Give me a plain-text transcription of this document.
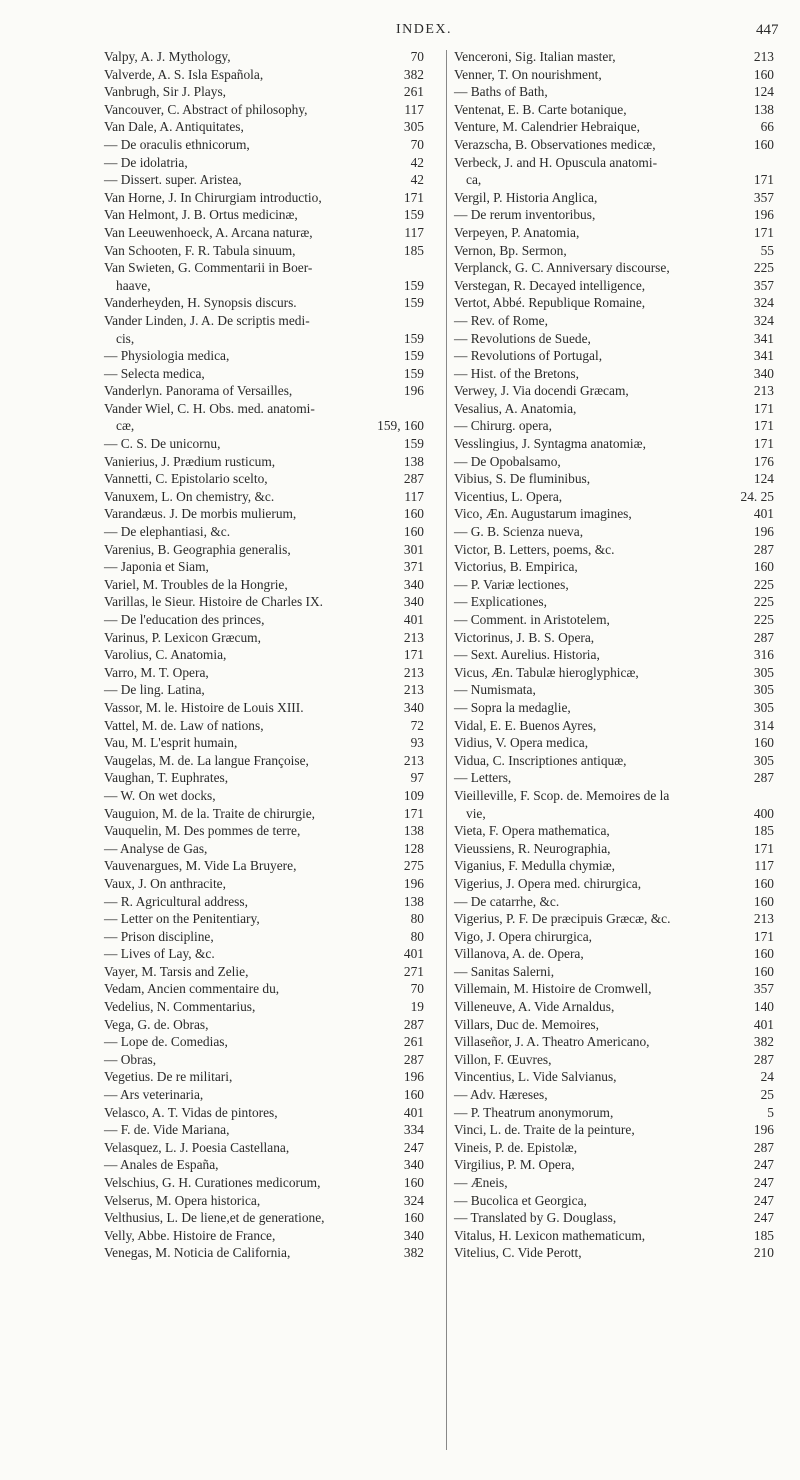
INDEX.	447
Valpy, A. J. Mythology,	70
Valverde, A. S. Isla Española,	382
Vanbrugh, Sir J. Plays,	261
Vancouver, C. Abstract of philosophy,	117
Van Dale, A. Antiquitates,	305
— De oraculis ethnicorum,	70
— De idolatria,	42
— Dissert. super. Aristea,	42
Van Horne, J. In Chirurgiam introductio,	171
Van Helmont, J. B. Ortus medicinæ,	159
Van Leeuwenhoeck, A. Arcana naturæ,	117
Van Schooten, F. R. Tabula sinuum,	185
Van Swieten, G. Commentarii in Boer-
haave,	159
Vanderheyden, H. Synopsis discurs.	159
Vander Linden, J. A. De scriptis medi-
cis,	159
— Physiologia medica,	159
— Selecta medica,	159
Vanderlyn. Panorama of Versailles,	196
Vander Wiel, C. H. Obs. med. anatomi-
cæ,	159, 160
— C. S. De unicornu,	159
Vanierius, J. Prædium rusticum,	138
Vannetti, C. Epistolario scelto,	287
Vanuxem, L. On chemistry, &c.	117
Varandæus. J. De morbis mulierum,	160
— De elephantiasi, &c.	160
Varenius, B. Geographia generalis,	301
— Japonia et Siam,	371
Variel, M. Troubles de la Hongrie,	340
Varillas, le Sieur. Histoire de Charles IX.	340
— De l'education des princes,	401
Varinus, P. Lexicon Græcum,	213
Varolius, C. Anatomia,	171
Varro, M. T. Opera,	213
— De ling. Latina,	213
Vassor, M. le. Histoire de Louis XIII.	340
Vattel, M. de. Law of nations,	72
Vau, M. L'esprit humain,	93
Vaugelas, M. de. La langue Françoise,	213
Vaughan, T. Euphrates,	97
— W. On wet docks,	109
Vauguion, M. de la. Traite de chirurgie,	171
Vauquelin, M. Des pommes de terre,	138
— Analyse de Gas,	128
Vauvenargues, M. Vide La Bruyere,	275
Vaux, J. On anthracite,	196
— R. Agricultural address,	138
— Letter on the Penitentiary,	80
— Prison discipline,	80
— Lives of Lay, &c.	401
Vayer, M. Tarsis and Zelie,	271
Vedam, Ancien commentaire du,	70
Vedelius, N. Commentarius,	19
Vega, G. de. Obras,	287
— Lope de. Comedias,	261
— Obras,	287
Vegetius. De re militari,	196
— Ars veterinaria,	160
Velasco, A. T. Vidas de pintores,	401
— F. de. Vide Mariana,	334
Velasquez, L. J. Poesia Castellana,	247
— Anales de España,	340
Velschius, G. H. Curationes medicorum,	160
Velserus, M. Opera historica,	324
Velthusius, L. De liene,et de generatione,	160
Velly, Abbe. Histoire de France,	340
Venegas, M. Noticia de California,	382
Venceroni, Sig. Italian master,	213
Venner, T. On nourishment,	160
— Baths of Bath,	124
Ventenat, E. B. Carte botanique,	138
Venture, M. Calendrier Hebraique,	66
Verazscha, B. Observationes medicæ,	160
Verbeck, J. and H. Opuscula anatomi-
ca,	171
Vergil, P. Historia Anglica,	357
— De rerum inventoribus,	196
Verpeyen, P. Anatomia,	171
Vernon, Bp. Sermon,	55
Verplanck, G. C. Anniversary discourse,	225
Verstegan, R. Decayed intelligence,	357
Vertot, Abbé. Republique Romaine,	324
— Rev. of Rome,	324
— Revolutions de Suede,	341
— Revolutions of Portugal,	341
— Hist. of the Bretons,	340
Verwey, J. Via docendi Græcam,	213
Vesalius, A. Anatomia,	171
— Chirurg. opera,	171
Vesslingius, J. Syntagma anatomiæ,	171
— De Opobalsamo,	176
Vibius, S. De fluminibus,	124
Vicentius, L. Opera,	24. 25
Vico, Æn. Augustarum imagines,	401
— G. B. Scienza nueva,	196
Victor, B. Letters, poems, &c.	287
Victorius, B. Empirica,	160
— P. Variæ lectiones,	225
— Explicationes,	225
— Comment. in Aristotelem,	225
Victorinus, J. B. S. Opera,	287
— Sext. Aurelius. Historia,	316
Vicus, Æn. Tabulæ hieroglyphicæ,	305
— Numismata,	305
— Sopra la medaglie,	305
Vidal, E. E. Buenos Ayres,	314
Vidius, V. Opera medica,	160
Vidua, C. Inscriptiones antiquæ,	305
— Letters,	287
Vieilleville, F. Scop. de. Memoires de la
vie,	400
Vieta, F. Opera mathematica,	185
Vieussiens, R. Neurographia,	171
Viganius, F. Medulla chymiæ,	117
Vigerius, J. Opera med. chirurgica,	160
— De catarrhe, &c.	160
Vigerius, P. F. De præcipuis Græcæ, &c.	213
Vigo, J. Opera chirurgica,	171
Villanova, A. de. Opera,	160
— Sanitas Salerni,	160
Villemain, M. Histoire de Cromwell,	357
Villeneuve, A. Vide Arnaldus,	140
Villars, Duc de. Memoires,	401
Villaseñor, J. A. Theatro Americano,	382
Villon, F. Œuvres,	287
Vincentius, L. Vide Salvianus,	24
— Adv. Hæreses,	25
— P. Theatrum anonymorum,	5
Vinci, L. de. Traite de la peinture,	196
Vineis, P. de. Epistolæ,	287
Virgilius, P. M. Opera,	247
— Æneis,	247
— Bucolica et Georgica,	247
— Translated by G. Douglass,	247
Vitalus, H. Lexicon mathematicum,	185
Vitelius, C. Vide Perott,	210
